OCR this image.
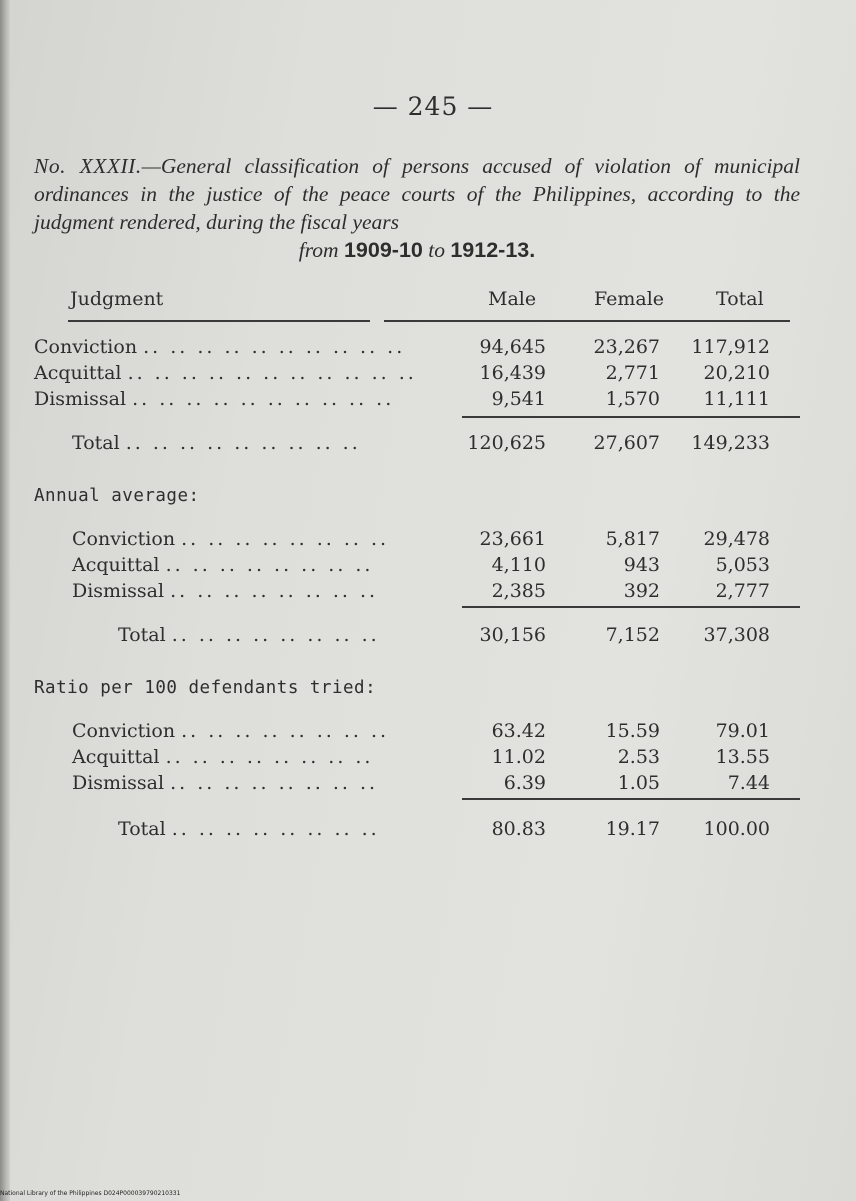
— 245 —
No. XXXII.—General classification of persons accused of violation of municipal ordinances in the justice of the peace courts of the Philippines, according to the judgment rendered, during the fiscal years
from 1909-10 to 1912-13.
Judgment	Male	Female	Total
Conviction .. .. .. .. .. .. .. .. .. ..	94,645	23,267	117,912
Acquittal .. .. .. .. .. .. .. .. .. .. ..	16,439	2,771	20,210
Dismissal .. .. .. .. .. .. .. .. .. ..	9,541	1,570	11,111
Total .. .. .. .. .. .. .. .. ..	120,625	27,607	149,233
Annual average:
Conviction .. .. .. .. .. .. .. ..	23,661	5,817	29,478
Acquittal .. .. .. .. .. .. .. ..	4,110	943	5,053
Dismissal .. .. .. .. .. .. .. ..	2,385	392	2,777
Total .. .. .. .. .. .. .. ..	30,156	7,152	37,308
Ratio per 100 defendants tried:
Conviction .. .. .. .. .. .. .. ..	63.42	15.59	79.01
Acquittal .. .. .. .. .. .. .. ..	11.02	2.53	13.55
Dismissal .. .. .. .. .. .. .. ..	6.39	1.05	7.44
Total .. .. .. .. .. .. .. ..	80.83	19.17	100.00
National Library of the Philippines D024P000039790210331
